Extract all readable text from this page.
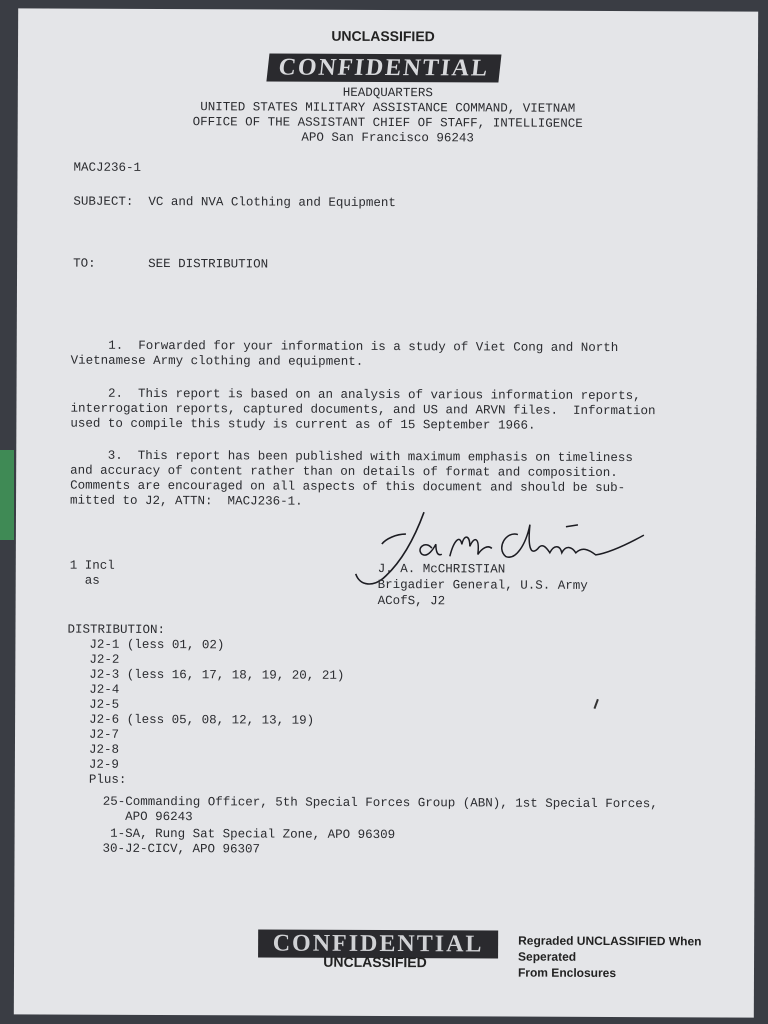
UNCLASSIFIED
CONFIDENTIAL

HEADQUARTERS

UNITED STATES MILITARY ASSISTANCE COMMAND, VIETNAM

OFFICE OF THE ASSISTANT CHIEF OF STAFF, INTELLIGENCE

APO San Francisco 96243

MACJ236-1

SUBJECT:  VC and NVA Clothing and Equipment

TO:       SEE DISTRIBUTION

1.  Forwarded for your information is a study of Viet Cong and North

Vietnamese Army clothing and equipment.

2.  This report is based on an analysis of various information reports,

interrogation reports, captured documents, and US and ARVN files.  Information

used to compile this study is current as of 15 September 1966.

3.  This report has been published with maximum emphasis on timeliness

and accuracy of content rather than on details of format and composition.

Comments are encouraged on all aspects of this document and should be sub-

mitted to J2, ATTN:  MACJ236-1.

J. A. McChristian

1 Incl

as

J. A. McCHRISTIAN

Brigadier General, U.S. Army

ACofS, J2

DISTRIBUTION:

J2-1 (less 01, 02)

J2-2

J2-3 (less 16, 17, 18, 19, 20, 21)

J2-4

J2-5

J2-6 (less 05, 08, 12, 13, 19)

J2-7

J2-8

J2-9

Plus:

25-Commanding Officer, 5th Special Forces Group (ABN), 1st Special Forces,

APO 96243

1-SA, Rung Sat Special Zone, APO 96309

30-J2-CICV, APO 96307

CONFIDENTIAL
UNCLASSIFIED
Regraded UNCLASSIFIED When Seperated
From Enclosures
